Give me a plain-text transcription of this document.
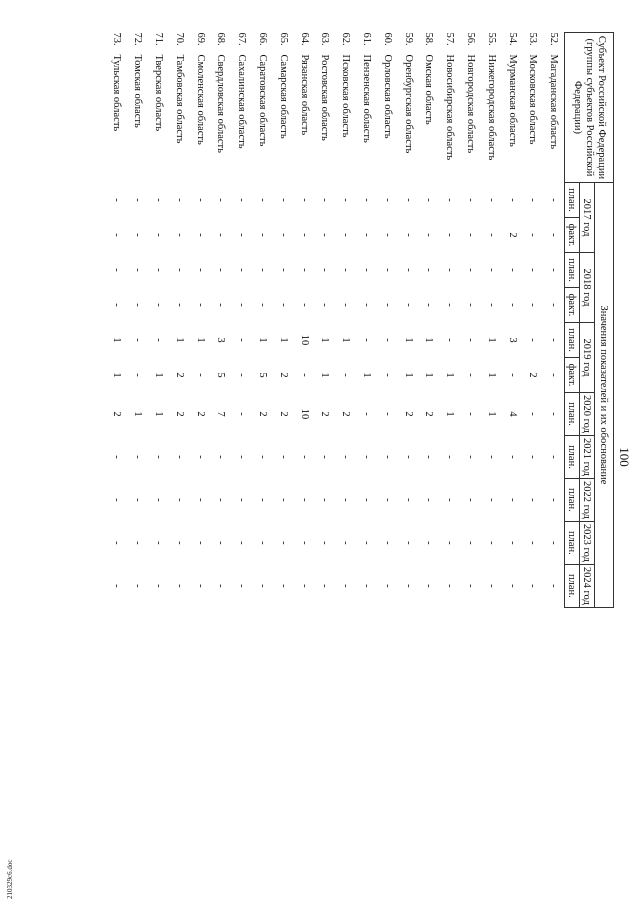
210329с6.doc
100
Субъект Российской Федерации (группы субъектов Российской Федерации)		Значения показателей и их обоснование										
		2017 год		2018 год		2019 год		2020 год	2021 год	2022 год	2023 год	2024 год
		план.	факт.	план.	факт.	план.	факт.	план.	план.	план.	план.	план.
52.	Магаданская область	-	-	-	-	-	-	-	-	-	-	-
53.	Московская область	-	-	-	-	-	2	-	-	-	-	-
54.	Мурманская область	-	2	-	-	3	-	4	-	-	-	-
55.	Нижегородская область	-	-	-	-	1	1	1	-	-	-	-
56.	Новгородская область	-	-	-	-	-	-	-	-	-	-	-
57.	Новосибирская область	-	-	-	-	-	1	1	-	-	-	-
58.	Омская область	-	-	-	-	1	1	2	-	-	-	-
59.	Оренбургская область	-	-	-	-	1	1	2	-	-	-	-
60.	Орловская область	-	-	-	-	-	-	-	-	-	-	-
61.	Пензенская область	-	-	-	-	-	1	-	-	-	-	-
62.	Псковская область	-	-	-	-	1	-	2	-	-	-	-
63.	Ростовская область	-	-	-	-	1	1	2	-	-	-	-
64.	Рязанская область	-	-	-	-	10	-	10	-	-	-	-
65.	Самарская область	-	-	-	-	1	2	2	-	-	-	-
66.	Саратовская область	-	-	-	-	1	5	2	-	-	-	-
67.	Сахалинская область	-	-	-	-	-	-	-	-	-	-	-
68.	Свердловская область	-	-	-	-	3	5	7	-	-	-	-
69.	Смоленская область	-	-	-	-	1	-	2	-	-	-	-
70.	Тамбовская область	-	-	-	-	1	2	2	-	-	-	-
71.	Тверская область	-	-	-	-	-	1	1	-	-	-	-
72.	Томская область	-	-	-	-	-	-	1	-	-	-	-
73.	Тульская область	-	-	-	-	1	1	2	-	-	-	-
